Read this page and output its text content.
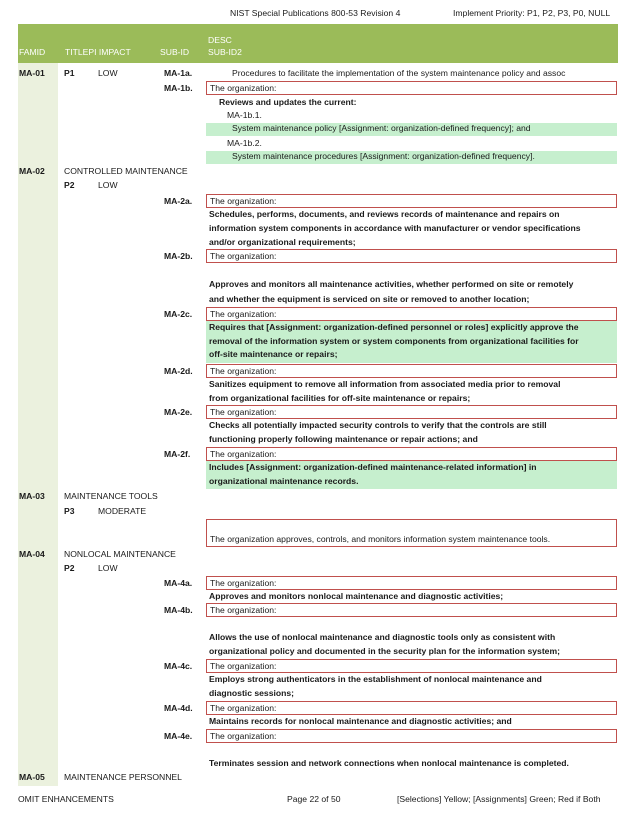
NIST Special Publications 800-53 Revision 4	Implement Priority: P1, P2, P3, P0, NULL
FAMID TITLEPI IMPACT	SUB-ID
DESC
SUB-ID2
MA-01 P1	LOW	MA-1a.	Procedures to facilitate the implementation of the system maintenance policy and assoc
MA-1b.	The organization:
Reviews and updates the current:
MA-1b.1.
System maintenance policy [Assignment: organization-defined frequency]; and
MA-1b.2.
System maintenance procedures [Assignment: organization-defined frequency].
MA-02 CONTROLLED MAINTENANCE
P2	LOW
MA-2a.	The organization:
Schedules, performs, documents, and reviews records of maintenance and repairs on
information system components in accordance with manufacturer or vendor specifications
and/or organizational requirements;
MA-2b.	The organization:
Approves and monitors all maintenance activities, whether performed on site or remotely
and whether the equipment is serviced on site or removed to another location;
MA-2c.	The organization:
Requires that [Assignment: organization-defined personnel or roles] explicitly approve the
removal of the information system or system components from organizational facilities for
off-site maintenance or repairs;
MA-2d.	The organization:
Sanitizes equipment to remove all information from associated media prior to removal
from organizational facilities for off-site maintenance or repairs;
MA-2e.	The organization:
Checks all potentially impacted security controls to verify that the controls are still
functioning properly following maintenance or repair actions; and
MA-2f.	The organization:
Includes [Assignment: organization-defined maintenance-related information] in
organizational maintenance records.
MA-03 MAINTENANCE TOOLS
P3	MODERATE
The organization approves, controls, and monitors information system maintenance tools.
MA-04 NONLOCAL MAINTENANCE
P2	LOW
MA-4a.	The organization:
Approves and monitors nonlocal maintenance and diagnostic activities;
MA-4b.	The organization:
Allows the use of nonlocal maintenance and diagnostic tools only as consistent with
organizational policy and documented in the security plan for the information system;
MA-4c.	The organization:
Employs strong authenticators in the establishment of nonlocal maintenance and
diagnostic sessions;
MA-4d.	The organization:
Maintains records for nonlocal maintenance and diagnostic activities; and
MA-4e.	The organization:
Terminates session and network connections when nonlocal maintenance is completed.
MA-05 MAINTENANCE PERSONNEL
OMIT ENHANCEMENTS	Page 22 of 50	[Selections] Yellow; [Assignments] Green; Red if Both
